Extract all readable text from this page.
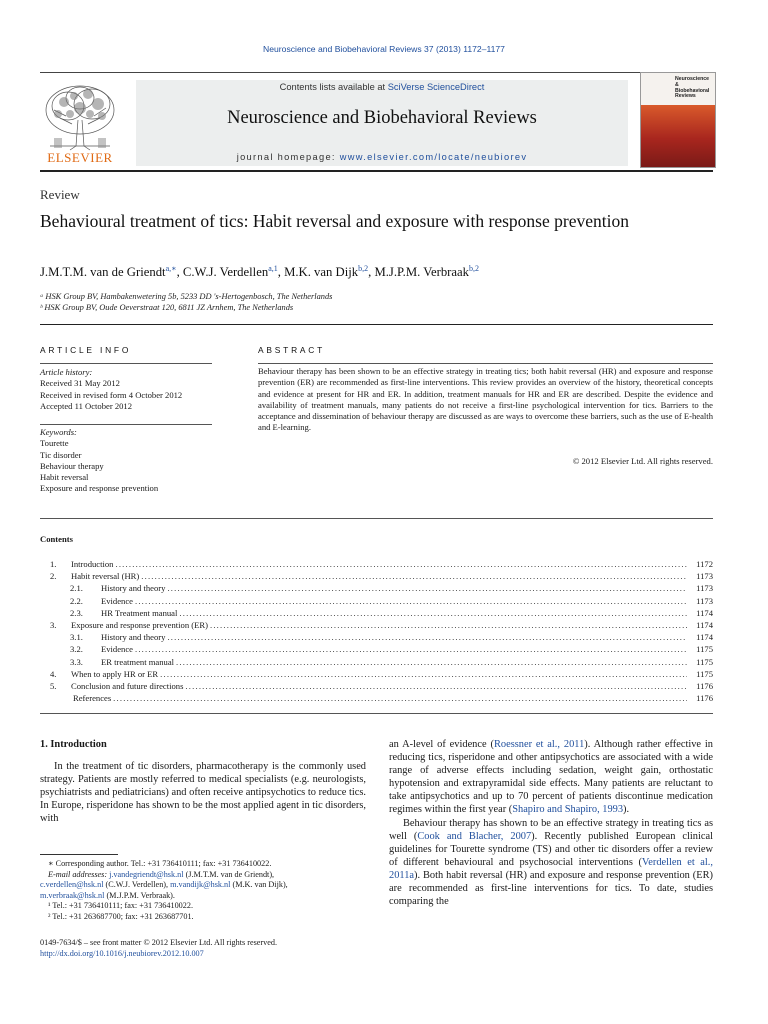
Neuroscience and Biobehavioral Reviews 37 (2013) 1172–1177
ELSEVIER
Contents lists available at SciVerse ScienceDirect
Neuroscience and Biobehavioral Reviews
journal homepage: www.elsevier.com/locate/neubiorev
Neuroscience & Biobehavioral Reviews
Review
Behavioural treatment of tics: Habit reversal and exposure with response prevention
J.M.T.M. van de Griendt$^{a,∗}$, C.W.J. Verdellen$^{a,1}$, M.K. van Dijk$^{b,2}$, M.J.P.M. Verbraak$^{b,2}$
ᵃ HSK Group BV, Hambakenwetering 5b, 5233 DD 's-Hertogenbosch, The Netherlands
ᵇ HSK Group BV, Oude Oeverstraat 120, 6811 JZ Arnhem, The Netherlands
ARTICLE INFO	ABSTRACT
Article history:
Received 31 May 2012
Received in revised form 4 October 2012
Accepted 11 October 2012
Keywords:
Tourette
Tic disorder
Behaviour therapy
Habit reversal
Exposure and response prevention
Behaviour therapy has been shown to be an effective strategy in treating tics; both habit reversal (HR) and exposure and response prevention (ER) are recommended as first-line interventions. This review provides an overview of the history, theoretical concepts and evidence at present for HR and ER. In addition, treatment manuals for HR and ER are described. Despite the evidence and availability of treatment manuals, many patients do not receive a first-line psychological intervention for tics. Barriers to the acceptance and dissemination of behaviour therapy are discussed as are ways to overcome these barriers, such as the use of E-health and E-learning.
© 2012 Elsevier Ltd. All rights reserved.
Contents
1.	Introduction .....	1172
2.	Habit reversal (HR) .....	1173
2.1.	History and theory .....	1173
2.2.	Evidence .....	1173
2.3.	HR Treatment manual .....	1174
3.	Exposure and response prevention (ER) .....	1174
3.1.	History and theory .....	1174
3.2.	Evidence .....	1175
3.3.	ER treatment manual .....	1175
4.	When to apply HR or ER .....	1175
5.	Conclusion and future directions .....	1176
References .....	1176
1. Introduction
In the treatment of tic disorders, pharmacotherapy is the commonly used strategy. Patients are mostly referred to medical specialists (e.g. neurologists, psychiatrists and pediatricians) and often receive antipsychotics to reduce tics. In Europe, risperidone has shown to be the most applied agent in tic disorders, with
∗ Corresponding author. Tel.: +31 736410111; fax: +31 736410022.
E-mail addresses: j.vandegriendt@hsk.nl (J.M.T.M. van de Griendt),
c.verdellen@hsk.nl (C.W.J. Verdellen), m.vandijk@hsk.nl (M.K. van Dijk),
m.verbraak@hsk.nl (M.J.P.M. Verbraak).
¹ Tel.: +31 736410111; fax: +31 736410022.
² Tel.: +31 263687700; fax: +31 263687701.
0149-7634/$ – see front matter © 2012 Elsevier Ltd. All rights reserved.
http://dx.doi.org/10.1016/j.neubiorev.2012.10.007
an A-level of evidence (Roessner et al., 2011). Although rather effective in reducing tics, risperidone and other antipsychotics are associated with a wide range of adverse effects including sedation, weight gain, orthostatic hypotension and extrapyramidal side effects. Many patients are reluctant to take antipsychotics and up to 70 percent of patients discontinue medication regimes within the first year (Shapiro and Shapiro, 1993).
Behaviour therapy has shown to be an effective strategy in treating tics as well (Cook and Blacher, 2007). Recently published European clinical guidelines for Tourette syndrome (TS) and other tic disorders offer a review of different behavioural and psychosocial interventions (Verdellen et al., 2011a). Both habit reversal (HR) and exposure and response prevention (ER) are recommended as first-line interventions for tics. To date, studies comparing the
